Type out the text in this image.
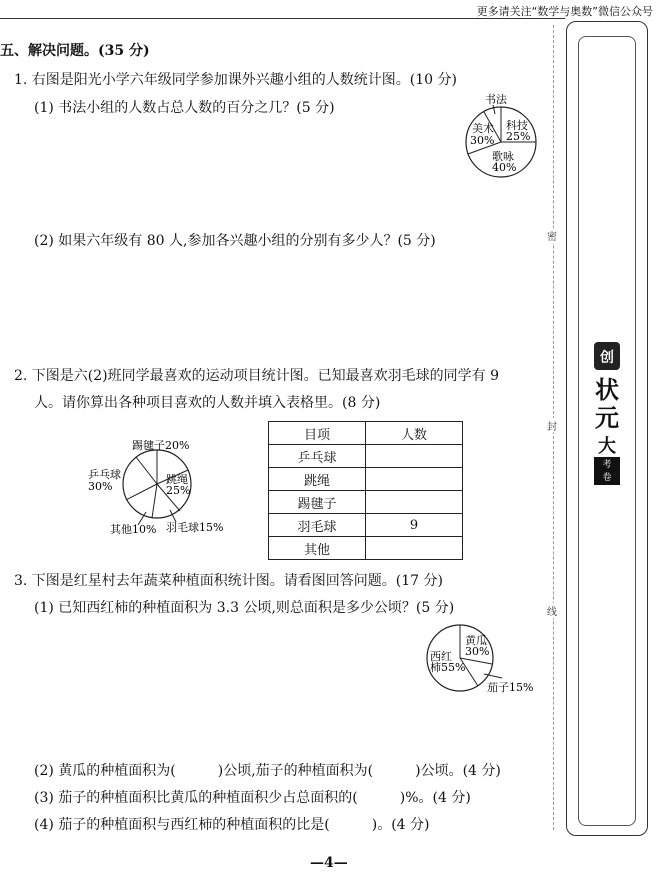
更多请关注“数学与奥数”微信公众号
密
封
线
创
状
元
大
考
卷
五、解决问题。(35 分)
1. 右图是阳光小学六年级同学参加课外兴趣小组的人数统计图。(10 分)
(1) 书法小组的人数占总人数的百分之几？(5 分)
(2) 如果六年级有 80 人,参加各兴趣小组的分别有多少人？(5 分)
书法
科技
25%
美术
30%
歌咏
40%
2. 下图是六(2)班同学最喜欢的运动项目统计图。已知最喜欢羽毛球的同学有 9
人。请你算出各种项目喜欢的人数并填入表格里。(8 分)
踢毽子20%
跳绳
25%
乒乓球
30%
其他10% 羽毛球15%
目项	人数
乒乓球	
跳绳	
踢毽子	
羽毛球	9
其他	
3. 下图是红星村去年蔬菜种植面积统计图。请看图回答问题。(17 分)
(1) 已知西红柿的种植面积为 3.3 公顷,则总面积是多少公顷？(5 分)
黄瓜
30%
西红
柿55%
茄子15%
(2) 黄瓜的种植面积为(　　　)公顷,茄子的种植面积为(　　　)公顷。(4 分)
(3) 茄子的种植面积比黄瓜的种植面积少占总面积的(　　　)%。(4 分)
(4) 茄子的种植面积与西红柿的种植面积的比是(　　　)。(4 分)
—4—
